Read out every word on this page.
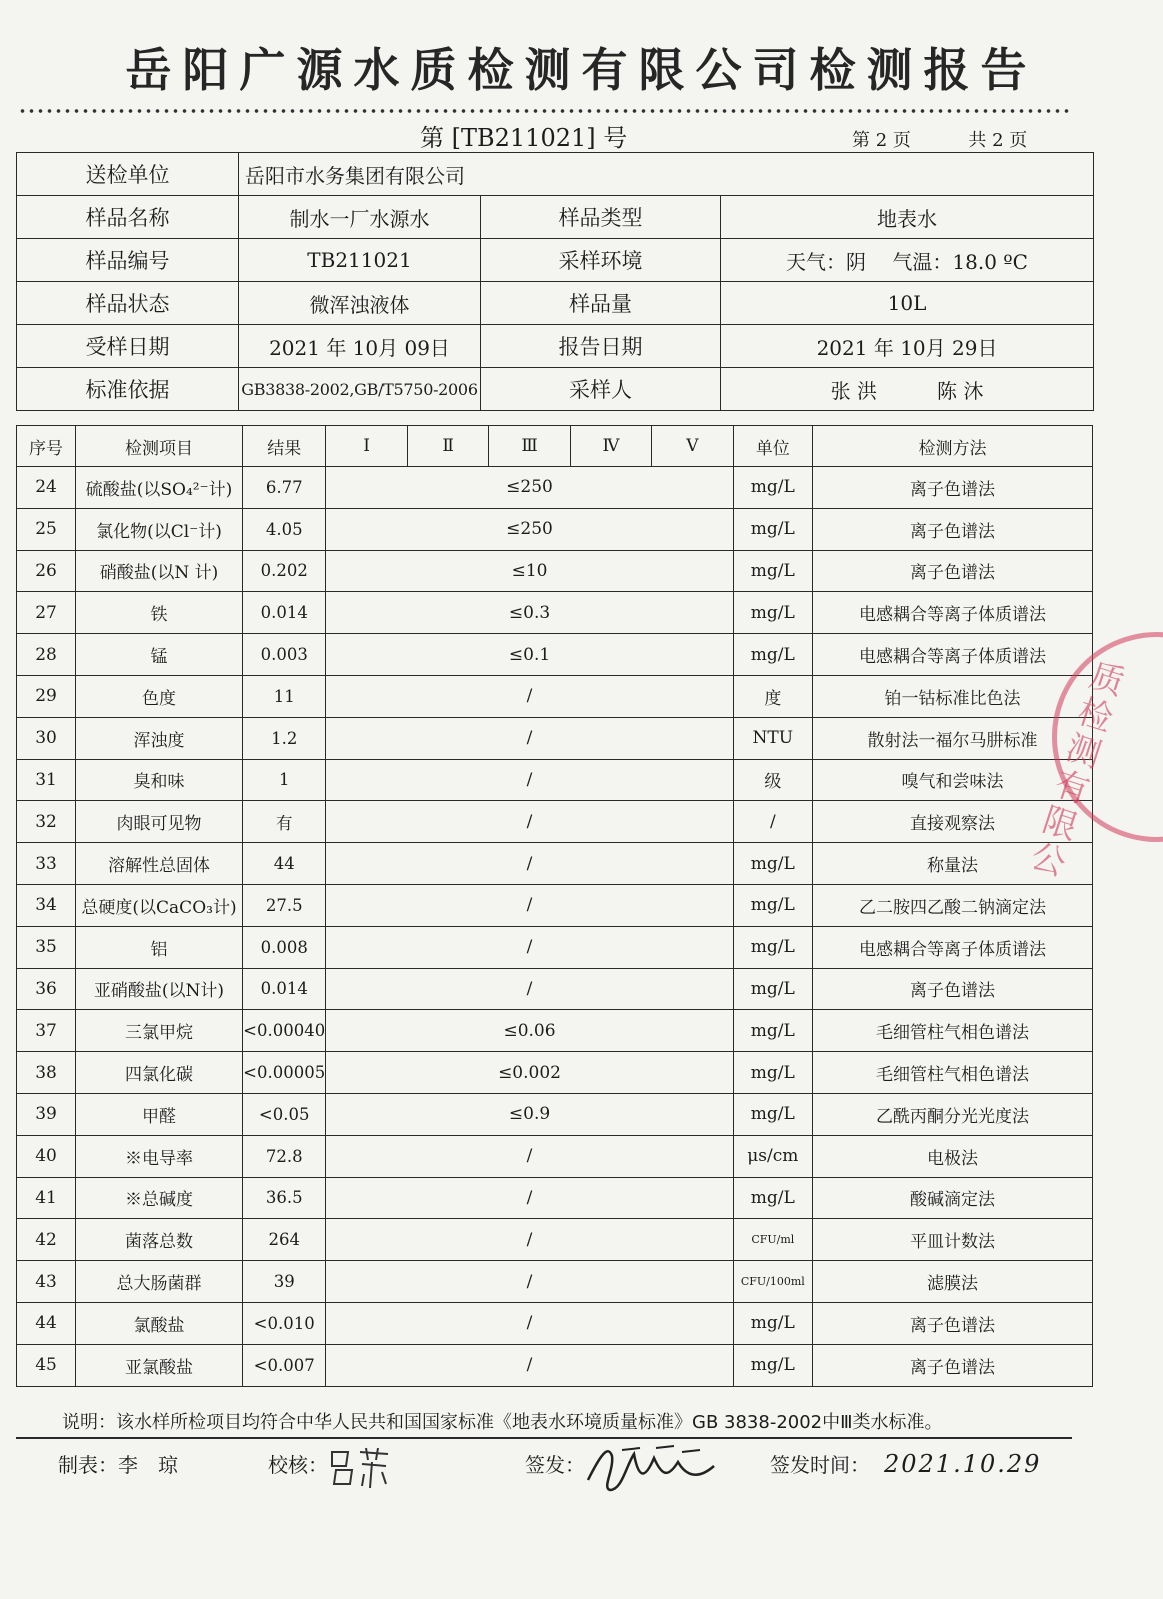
岳阳广源水质检测有限公司检测报告
第 [TB211021] 号	第 2 页	共 2 页
送检单位	岳阳市水务集团有限公司		
样品名称	制水一厂水源水	样品类型	地表水
样品编号	TB211021	采样环境	天气：阴　 气温：18.0 ºC
样品状态	微浑浊液体	样品量	10L
受样日期	2021 年 10月 09日	报告日期	2021 年 10月 29日
标准依据	GB3838-2002,GB/T5750-2006	采样人	张 洪　　　陈 沐
序号	检测项目	结果	Ⅰ	Ⅱ	Ⅲ	Ⅳ	Ⅴ	单位	检测方法
24	硫酸盐(以SO₄²⁻计)	6.77	≤250					mg/L	离子色谱法
25	氯化物(以Cl⁻计)	4.05	≤250					mg/L	离子色谱法
26	硝酸盐(以N 计)	0.202	≤10					mg/L	离子色谱法
27	铁	0.014	≤0.3					mg/L	电感耦合等离子体质谱法
28	锰	0.003	≤0.1					mg/L	电感耦合等离子体质谱法
29	色度	11	/					度	铂一钴标准比色法
30	浑浊度	1.2	/					NTU	散射法一福尔马肼标准
31	臭和味	1	/					级	嗅气和尝味法
32	肉眼可见物	有	/					/	直接观察法
33	溶解性总固体	44	/					mg/L	称量法
34	总硬度(以CaCO₃计)	27.5	/					mg/L	乙二胺四乙酸二钠滴定法
35	铝	0.008	/					mg/L	电感耦合等离子体质谱法
36	亚硝酸盐(以N计)	0.014	/					mg/L	离子色谱法
37	三氯甲烷	<0.00040	≤0.06					mg/L	毛细管柱气相色谱法
38	四氯化碳	<0.00005	≤0.002					mg/L	毛细管柱气相色谱法
39	甲醛	<0.05	≤0.9					mg/L	乙酰丙酮分光光度法
40	※电导率	72.8	/					μs/cm	电极法
41	※总碱度	36.5	/					mg/L	酸碱滴定法
42	菌落总数	264	/					CFU/ml	平皿计数法
43	总大肠菌群	39	/					CFU/100ml	滤膜法
44	氯酸盐	<0.010	/					mg/L	离子色谱法
45	亚氯酸盐	<0.007	/					mg/L	离子色谱法
说明：该水样所检项目均符合中华人民共和国国家标准《地表水环境质量标准》GB 3838-2002中Ⅲ类水标准。
制表：李　琼	校核：	签发：	签发时间： 2021.10.29
质检测有限公
